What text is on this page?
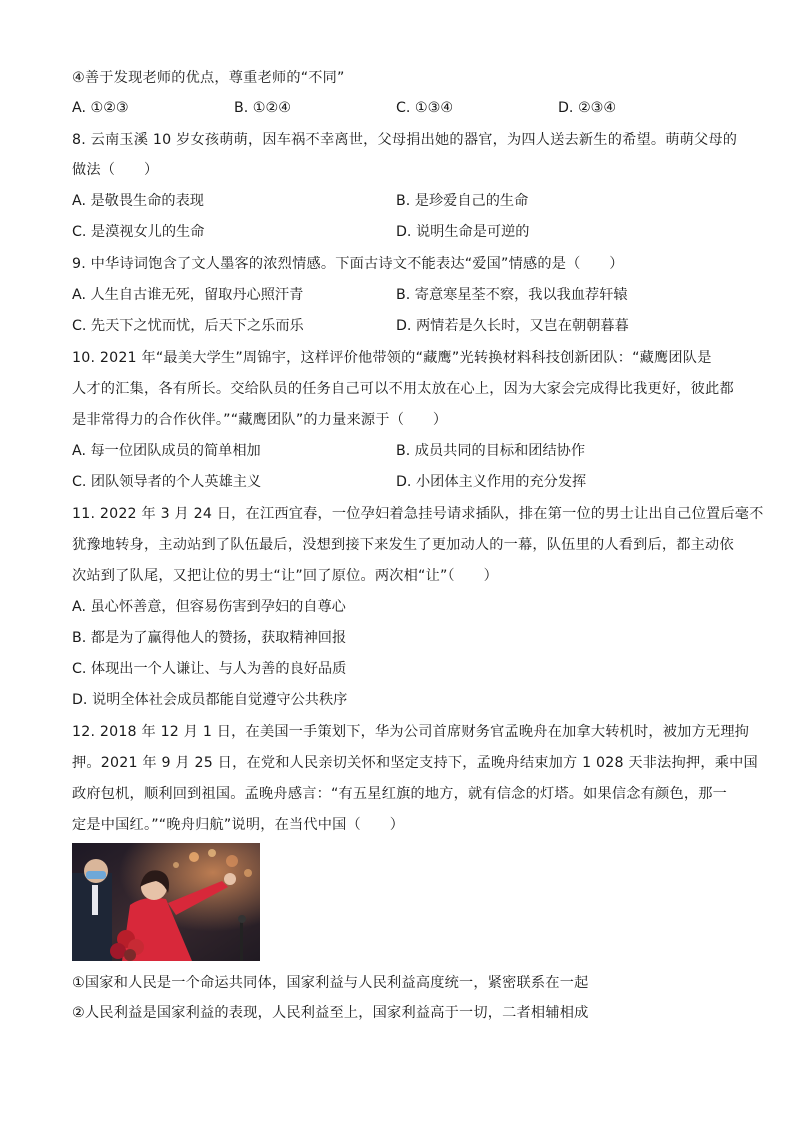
④善于发现老师的优点，尊重老师的“不同”
A. ①②③	B. ①②④	C. ①③④	D. ②③④
8. 云南玉溪 10 岁女孩萌萌，因车祸不幸离世，父母捐出她的器官，为四人送去新生的希望。萌萌父母的
做法（　　）
A. 是敬畏生命的表现	B. 是珍爱自己的生命
C. 是漠视女儿的生命	D. 说明生命是可逆的
9. 中华诗词饱含了文人墨客的浓烈情感。下面古诗文不能表达“爱国”情感的是（　　）
A. 人生自古谁无死，留取丹心照汗青	B. 寄意寒星荃不察，我以我血荐轩辕
C. 先天下之忧而忧，后天下之乐而乐	D. 两情若是久长时，又岂在朝朝暮暮
10. 2021 年“最美大学生”周锦宇，这样评价他带领的“藏鹰”光转换材料科技创新团队：“藏鹰团队是
人才的汇集，各有所长。交给队员的任务自己可以不用太放在心上，因为大家会完成得比我更好，彼此都
是非常得力的合作伙伴。”“藏鹰团队”的力量来源于（　　）
A. 每一位团队成员的简单相加	B. 成员共同的目标和团结协作
C. 团队领导者的个人英雄主义	D. 小团体主义作用的充分发挥
11. 2022 年 3 月 24 日，在江西宜春，一位孕妇着急挂号请求插队，排在第一位的男士让出自己位置后毫不
犹豫地转身，主动站到了队伍最后，没想到接下来发生了更加动人的一幕，队伍里的人看到后，都主动依
次站到了队尾，又把让位的男士“让”回了原位。两次相“让”（　　）
A. 虽心怀善意，但容易伤害到孕妇的自尊心
B. 都是为了赢得他人的赞扬，获取精神回报
C. 体现出一个人谦让、与人为善的良好品质
D. 说明全体社会成员都能自觉遵守公共秩序
12. 2018 年 12 月 1 日，在美国一手策划下，华为公司首席财务官孟晚舟在加拿大转机时，被加方无理拘
押。2021 年 9 月 25 日，在党和人民亲切关怀和坚定支持下，孟晚舟结束加方 1 028 天非法拘押，乘中国
政府包机，顺利回到祖国。孟晚舟感言：“有五星红旗的地方，就有信念的灯塔。如果信念有颜色，那一
定是中国红。”“晚舟归航”说明，在当代中国（　　）
①国家和人民是一个命运共同体，国家利益与人民利益高度统一，紧密联系在一起
②人民利益是国家利益的表现，人民利益至上，国家利益高于一切，二者相辅相成
